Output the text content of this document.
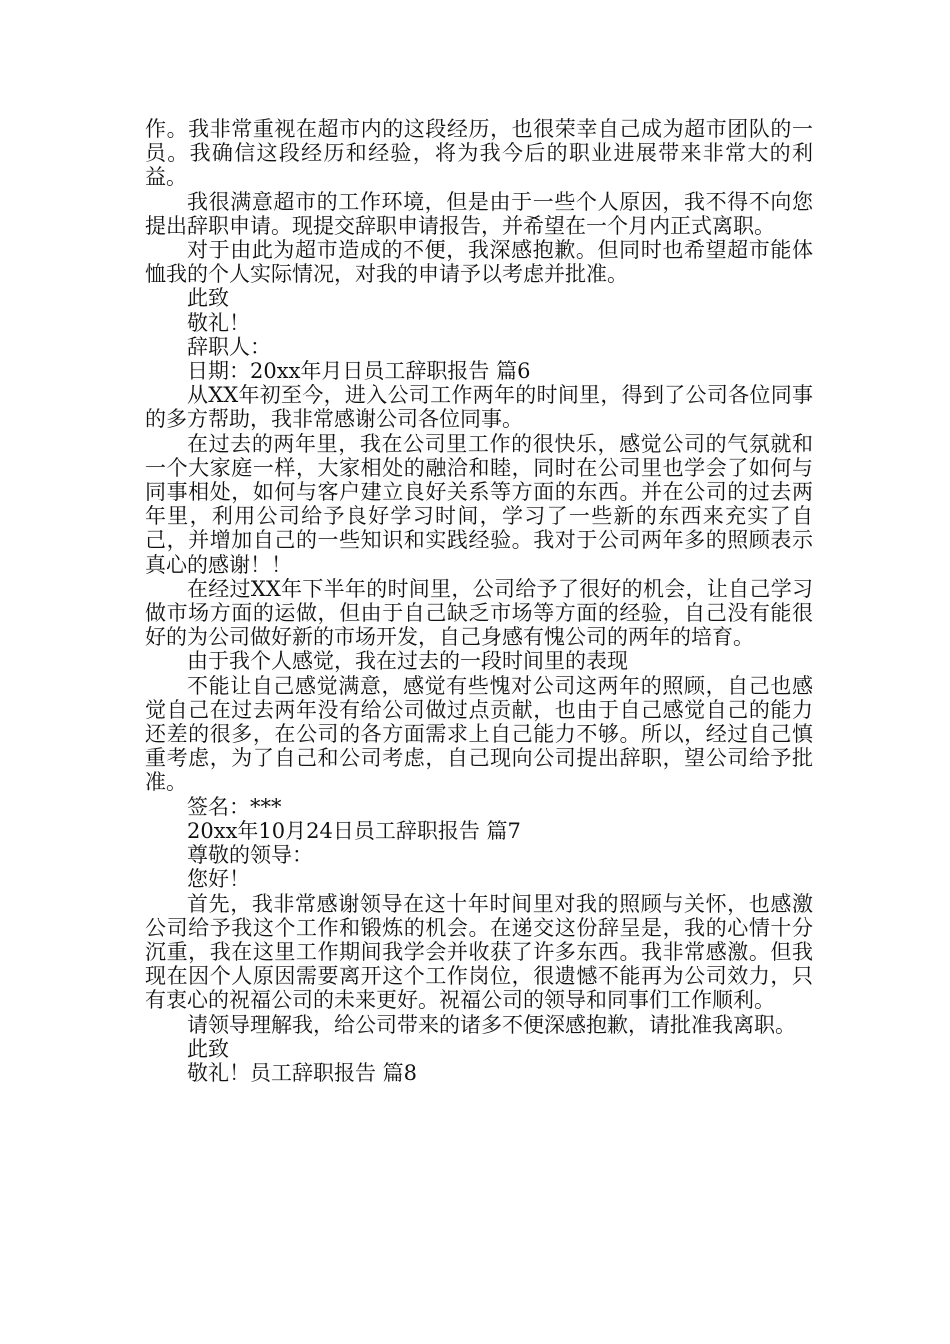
作。我非常重视在超市内的这段经历，也很荣幸自己成为超市团队的一员。我确信这段经历和经验，将为我今后的职业进展带来非常大的利益。

我很满意超市的工作环境，但是由于一些个人原因，我不得不向您提出辞职申请。现提交辞职申请报告，并希望在一个月内正式离职。

对于由此为超市造成的不便，我深感抱歉。但同时也希望超市能体恤我的个人实际情况，对我的申请予以考虑并批准。

此致

敬礼！

辞职人：

日期：20xx年月日员工辞职报告 篇6

从XX年初至今，进入公司工作两年的时间里，得到了公司各位同事的多方帮助，我非常感谢公司各位同事。

在过去的两年里，我在公司里工作的很快乐，感觉公司的气氛就和一个大家庭一样，大家相处的融洽和睦，同时在公司里也学会了如何与同事相处，如何与客户建立良好关系等方面的东西。并在公司的过去两年里，利用公司给予良好学习时间，学习了一些新的东西来充实了自己，并增加自己的一些知识和实践经验。我对于公司两年多的照顾表示真心的感谢！！

在经过XX年下半年的时间里，公司给予了很好的机会，让自己学习做市场方面的运做，但由于自己缺乏市场等方面的经验，自己没有能很好的为公司做好新的市场开发，自己身感有愧公司的两年的培育。

由于我个人感觉，我在过去的一段时间里的表现

不能让自己感觉满意，感觉有些愧对公司这两年的照顾，自己也感觉自己在过去两年没有给公司做过点贡献，也由于自己感觉自己的能力还差的很多，在公司的各方面需求上自己能力不够。所以，经过自己慎重考虑，为了自己和公司考虑，自己现向公司提出辞职，望公司给予批准。

签名：***

20xx年10月24日员工辞职报告 篇7

尊敬的领导：

您好！

首先，我非常感谢领导在这十年时间里对我的照顾与关怀，也感激公司给予我这个工作和锻炼的机会。在递交这份辞呈是，我的心情十分沉重，我在这里工作期间我学会并收获了许多东西。我非常感激。但我现在因个人原因需要离开这个工作岗位，很遗憾不能再为公司效力，只有衷心的祝福公司的未来更好。祝福公司的领导和同事们工作顺利。

请领导理解我，给公司带来的诸多不便深感抱歉，请批准我离职。

此致

敬礼！员工辞职报告 篇8
